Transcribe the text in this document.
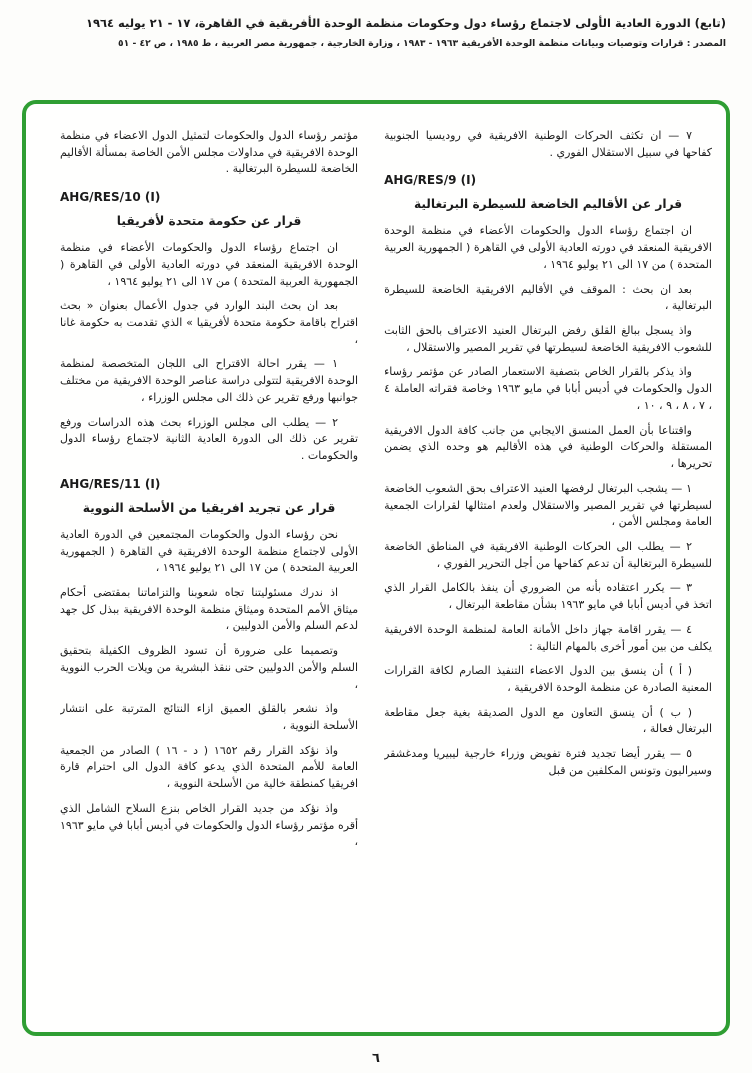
(تابع) الدورة العادية الأولى لاجتماع رؤساء دول وحكومات منظمة الوحدة الأفريقية في القاهرة، ١٧ - ٢١ يوليه ١٩٦٤
المصدر : قرارات وتوصيات وبيانات منظمة الوحدة الأفريقية ١٩٦٣ - ١٩٨٣ ، وزارة الخارجية ، جمهورية مصر العربية ، ط ١٩٨٥ ، ص ٤٢ - ٥١

٧ — ان تكثف الحركات الوطنية الافريقية في روديسيا الجنوبية كفاحها في سبيل الاستقلال الفوري .

AHG/RES/9 (I)
قرار عن الأقاليم الخاضعة للسيطرة البرتغالية

ان اجتماع رؤساء الدول والحكومات الأعضاء في منظمة الوحدة الافريقية المنعقد في دورته العادية الأولى في القاهرة ( الجمهورية العربية المتحدة ) من ١٧ الى ٢١ يوليو ١٩٦٤ ،

بعد ان بحث : الموقف في الأقاليم الافريقية الخاضعة للسيطرة البرتغالية ،

واذ يسجل ببالغ القلق رفض البرتغال العنيد الاعتراف بالحق الثابت للشعوب الافريقية الخاضعة لسيطرتها في تقرير المصير والاستقلال ،

واذ يذكر بالقرار الخاص بتصفية الاستعمار الصادر عن مؤتمر رؤساء الدول والحكومات في أديس أبابا في مايو ١٩٦٣ وخاصة فقراته العاملة ٤ ، ٧ ، ٨ ، ٩ ، ١٠ ،

واقتناعا بأن العمل المنسق الايجابي من جانب كافة الدول الافريقية المستقلة والحركات الوطنية في هذه الأقاليم هو وحده الذي يضمن تحريرها ،

١ — يشجب البرتغال لرفضها العنيد الاعتراف بحق الشعوب الخاضعة لسيطرتها في تقرير المصير والاستقلال ولعدم امتثالها لقرارات الجمعية العامة ومجلس الأمن ،

٢ — يطلب الى الحركات الوطنية الافريقية في المناطق الخاضعة للسيطرة البرتغالية أن تدعم كفاحها من أجل التحرير الفوري ،

٣ — يكرر اعتقاده بأنه من الضروري أن ينفذ بالكامل القرار الذي اتخذ في أديس أبابا في مايو ١٩٦٣ بشأن مقاطعة البرتغال ،

٤ — يقرر اقامة جهاز داخل الأمانة العامة لمنظمة الوحدة الافريقية يكلف من بين أمور أخرى بالمهام التالية :

( أ ) أن ينسق بين الدول الاعضاء التنفيذ الصارم لكافة القرارات المعنية الصادرة عن منظمة الوحدة الافريقية ،

( ب ) أن ينسق التعاون مع الدول الصديقة بغية جعل مقاطعة البرتغال فعالة ،

٥ — يقرر أيضا تجديد فترة تفويض وزراء خارجية ليبيريا ومدغشقر وسيراليون وتونس المكلفين من قبل

مؤتمر رؤساء الدول والحكومات لتمثيل الدول الاعضاء في منظمة الوحدة الافريقية في مداولات مجلس الأمن الخاصة بمسألة الأقاليم الخاضعة للسيطرة البرتغالية .

AHG/RES/10 (I)
قرار عن حكومة متحدة لأفريقيا

ان اجتماع رؤساء الدول والحكومات الأعضاء في منظمة الوحدة الافريقية المنعقد في دورته العادية الأولى في القاهرة ( الجمهورية العربية المتحدة ) من ١٧ الى ٢١ يوليو ١٩٦٤ ،

بعد ان بحث البند الوارد في جدول الأعمال بعنوان « بحث اقتراح باقامة حكومة متحدة لأفريقيا » الذي تقدمت به حكومة غانا ،

١ — يقرر احالة الاقتراح الى اللجان المتخصصة لمنظمة الوحدة الافريقية لتتولى دراسة عناصر الوحدة الافريقية من مختلف جوانبها ورفع تقرير عن ذلك الى مجلس الوزراء ،

٢ — يطلب الى مجلس الوزراء بحث هذه الدراسات ورفع تقرير عن ذلك الى الدورة العادية الثانية لاجتماع رؤساء الدول والحكومات .

AHG/RES/11 (I)
قرار عن تجريد افريقيا من الأسلحة النووية

نحن رؤساء الدول والحكومات المجتمعين في الدورة العادية الأولى لاجتماع منظمة الوحدة الافريقية في القاهرة ( الجمهورية العربية المتحدة ) من ١٧ الى ٢١ يوليو ١٩٦٤ ،

اذ ندرك مسئوليتنا تجاه شعوبنا والتزاماتنا بمقتضى أحكام ميثاق الأمم المتحدة وميثاق منظمة الوحدة الافريقية ببذل كل جهد لدعم السلم والأمن الدوليين ،

وتصميما على ضرورة أن تسود الظروف الكفيلة بتحقيق السلم والأمن الدوليين حتى ننقذ البشرية من ويلات الحرب النووية ،

واذ نشعر بالقلق العميق ازاء النتائج المترتبة على انتشار الأسلحة النووية ،

واذ نؤكد القرار رقم ١٦٥٢ ( د - ١٦ ) الصادر من الجمعية العامة للأمم المتحدة الذي يدعو كافة الدول الى احترام قارة افريقيا كمنطقة خالية من الأسلحة النووية ،

واذ نؤكد من جديد القرار الخاص بنزع السلاح الشامل الذي أقره مؤتمر رؤساء الدول والحكومات في أديس أبابا في مايو ١٩٦٣ ،

٦
